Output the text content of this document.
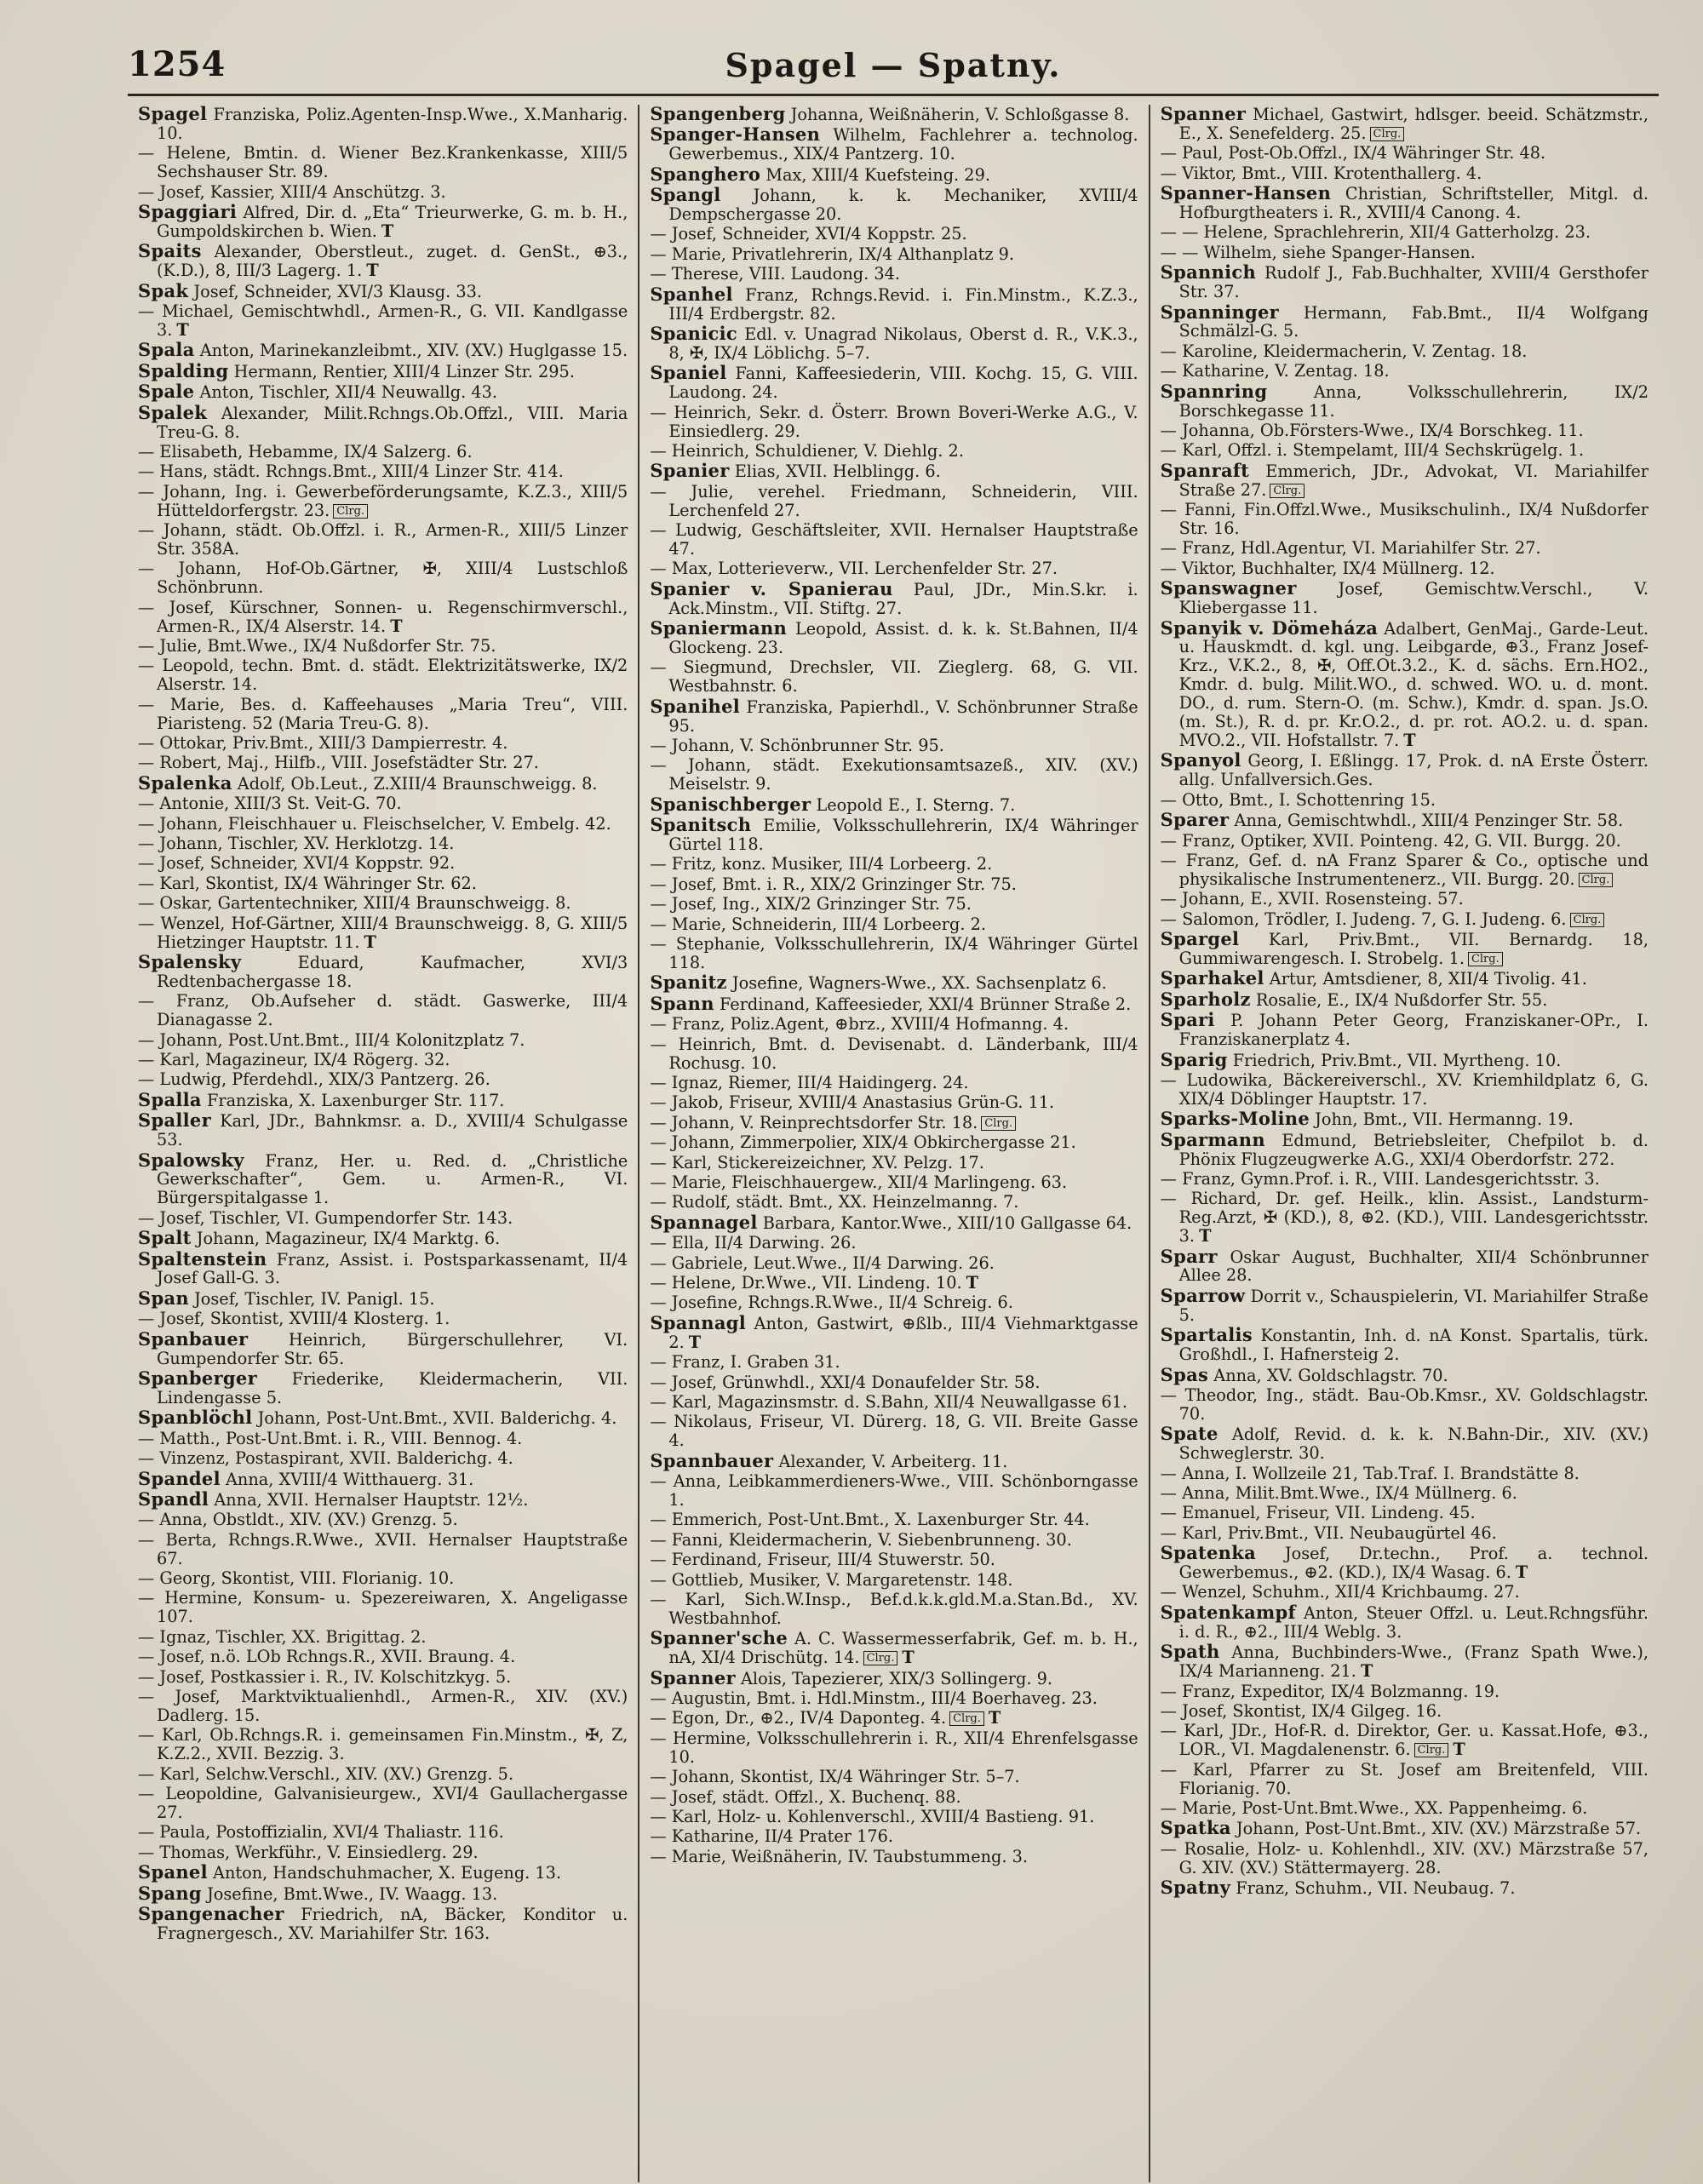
1254	Spagel — Spatny.

Spagel Franziska, Poliz.Agenten-Insp.Wwe., X.Manharig. 10.

— Helene, Bmtin. d. Wiener Bez.Krankenkasse, XIII/5 Sechshauser Str. 89.

— Josef, Kassier, XIII/4 Anschützg. 3.

Spaggiari Alfred, Dir. d. „Eta“ Trieurwerke, G. m. b. H., Gumpoldskirchen b. Wien. T

Spaits Alexander, Oberstleut., zuget. d. GenSt., ⊕3., (K.D.), 8, III/3 Lagerg. 1. T

Spak Josef, Schneider, XVI/3 Klausg. 33.

— Michael, Gemischtwhdl., Armen-R., G. VII. Kandlgasse 3. T

Spala Anton, Marinekanzleibmt., XIV. (XV.) Huglgasse 15.

Spalding Hermann, Rentier, XIII/4 Linzer Str. 295.

Spale Anton, Tischler, XII/4 Neuwallg. 43.

Spalek Alexander, Milit.Rchngs.Ob.Offzl., VIII. Maria Treu-G. 8.

— Elisabeth, Hebamme, IX/4 Salzerg. 6.

— Hans, städt. Rchngs.Bmt., XIII/4 Linzer Str. 414.

— Johann, Ing. i. Gewerbeförderungsamte, K.Z.3., XIII/5 Hütteldorfergstr. 23. Clrg.

— Johann, städt. Ob.Offzl. i. R., Armen-R., XIII/5 Linzer Str. 358A.

— Johann, Hof-Ob.Gärtner, ✠, XIII/4 Lustschloß Schönbrunn.

— Josef, Kürschner, Sonnen- u. Regenschirmverschl., Armen-R., IX/4 Alserstr. 14. T

— Julie, Bmt.Wwe., IX/4 Nußdorfer Str. 75.

— Leopold, techn. Bmt. d. städt. Elektrizitätswerke, IX/2 Alserstr. 14.

— Marie, Bes. d. Kaffeehauses „Maria Treu“, VIII. Piaristeng. 52 (Maria Treu-G. 8).

— Ottokar, Priv.Bmt., XIII/3 Dampierrestr. 4.

— Robert, Maj., Hilfb., VIII. Josefstädter Str. 27.

Spalenka Adolf, Ob.Leut., Z.XIII/4 Braunschweigg. 8.

— Antonie, XIII/3 St. Veit-G. 70.

— Johann, Fleischhauer u. Fleischselcher, V. Embelg. 42.

— Johann, Tischler, XV. Herklotzg. 14.

— Josef, Schneider, XVI/4 Koppstr. 92.

— Karl, Skontist, IX/4 Währinger Str. 62.

— Oskar, Gartentechniker, XIII/4 Braunschweigg. 8.

— Wenzel, Hof-Gärtner, XIII/4 Braunschweigg. 8, G. XIII/5 Hietzinger Hauptstr. 11. T

Spalensky	Eduard, Kaufmacher, XVI/3 Redtenbachergasse 18.

— Franz, Ob.Aufseher d. städt. Gaswerke, III/4 Dianagasse 2.

— Johann, Post.Unt.Bmt., III/4 Kolonitzplatz 7.

— Karl, Magazineur, IX/4 Rögerg. 32.

— Ludwig, Pferdehdl., XIX/3 Pantzerg. 26.

Spalla Franziska, X. Laxenburger Str. 117.

Spaller Karl, JDr., Bahnkmsr. a. D., XVIII/4 Schulgasse 53.

Spalowsky Franz, Her. u. Red. d. „Christliche Gewerkschafter“, Gem. u. Armen-R., VI. Bürgerspitalgasse 1.

— Josef, Tischler, VI. Gumpendorfer Str. 143.

Spalt Johann, Magazineur, IX/4 Marktg. 6.

Spaltenstein Franz, Assist. i. Postsparkassenamt, II/4 Josef Gall-G. 3.

Span Josef, Tischler, IV. Panigl. 15.

— Josef, Skontist, XVIII/4 Klosterg. 1.

Spanbauer Heinrich, Bürgerschullehrer, VI. Gumpendorfer Str. 65.

Spanberger Friederike, Kleidermacherin, VII. Lindengasse 5.

Spanblöchl Johann, Post-Unt.Bmt., XVII. Balderichg. 4.

— Matth., Post-Unt.Bmt. i. R., VIII. Bennog. 4.

— Vinzenz, Postaspirant, XVII. Balderichg. 4.

Spandel Anna, XVIII/4 Witthauerg. 31.

Spandl Anna, XVII. Hernalser Hauptstr. 12½.

— Anna, Obstldt., XIV. (XV.) Grenzg. 5.

— Berta, Rchngs.R.Wwe., XVII. Hernalser Hauptstraße 67.

— Georg, Skontist, VIII. Florianig. 10.

— Hermine, Konsum- u. Spezereiwaren, X. Angeligasse 107.

— Ignaz, Tischler, XX. Brigittag. 2.

— Josef, n.ö. LOb Rchngs.R., XVII. Braung. 4.

— Josef, Postkassier i. R., IV. Kolschitzkyg. 5.

— Josef, Marktviktualienhdl., Armen-R., XIV. (XV.) Dadlerg. 15.

— Karl, Ob.Rchngs.R. i. gemeinsamen Fin.Minstm., ✠, Z, K.Z.2., XVII. Bezzig. 3.

— Karl, Selchw.Verschl., XIV. (XV.) Grenzg. 5.

— Leopoldine, Galvanisieurgew., XVI/4 Gaullachergasse 27.

— Paula, Postoffizialin, XVI/4 Thaliastr. 116.

— Thomas, Werkführ., V. Einsiedlerg. 29.

Spanel Anton, Handschuhmacher, X. Eugeng. 13.

Spang Josefine, Bmt.Wwe., IV. Waagg. 13.

Spangenacher Friedrich, nA, Bäcker, Konditor u. Fragnergesch., XV. Mariahilfer Str. 163.

Spangenberg Johanna, Weißnäherin, V. Schloßgasse 8.

Spanger-Hansen Wilhelm, Fachlehrer a. technolog. Gewerbemus., XIX/4 Pantzerg. 10.

Spanghero Max, XIII/4 Kuefsteing. 29.

Spangl Johann, k. k. Mechaniker, XVIII/4 Dempschergasse 20.

— Josef, Schneider, XVI/4 Koppstr. 25.

— Marie, Privatlehrerin, IX/4 Althanplatz 9.

— Therese, VIII. Laudong. 34.

Spanhel Franz, Rchngs.Revid. i. Fin.Minstm., K.Z.3., III/4 Erdbergstr. 82.

Spanicic Edl. v. Unagrad Nikolaus, Oberst d. R., V.K.3., 8, ✠, IX/4 Löblichg. 5–7.

Spaniel Fanni, Kaffeesiederin, VIII. Kochg. 15, G. VIII. Laudong. 24.

— Heinrich, Sekr. d. Österr. Brown Boveri-Werke A.G., V. Einsiedlerg. 29.

— Heinrich, Schuldiener, V. Diehlg. 2.

Spanier Elias, XVII. Helblingg. 6.

— Julie, verehel. Friedmann, Schneiderin, VIII. Lerchenfeld 27.

— Ludwig, Geschäftsleiter, XVII. Hernalser Hauptstraße 47.

— Max, Lotterieverw., VII. Lerchenfelder Str. 27.

Spanier v. Spanierau Paul, JDr., Min.S.kr. i. Ack.Minstm., VII. Stiftg. 27.

Spaniermann Leopold, Assist. d. k. k. St.Bahnen, II/4 Glockeng. 23.

— Siegmund, Drechsler, VII. Zieglerg. 68, G. VII. Westbahnstr. 6.

Spanihel Franziska, Papierhdl., V. Schönbrunner Straße 95.

— Johann, V. Schönbrunner Str. 95.

— Johann, städt. Exekutionsamtsazeß., XIV. (XV.) Meiselstr. 9.

Spanischberger Leopold E., I. Sterng. 7.

Spanitsch Emilie, Volksschullehrerin, IX/4 Währinger Gürtel 118.

— Fritz, konz. Musiker, III/4 Lorbeerg. 2.

— Josef, Bmt. i. R., XIX/2 Grinzinger Str. 75.

— Josef, Ing., XIX/2 Grinzinger Str. 75.

— Marie, Schneiderin, III/4 Lorbeerg. 2.

— Stephanie, Volksschullehrerin, IX/4 Währinger Gürtel 118.

Spanitz Josefine, Wagners-Wwe., XX. Sachsenplatz 6.

Spann Ferdinand, Kaffeesieder, XXI/4 Brünner Straße 2.

— Franz, Poliz.Agent, ⊕brz., XVIII/4 Hofmanng. 4.

— Heinrich, Bmt. d. Devisenabt. d. Länderbank, III/4 Rochusg. 10.

— Ignaz, Riemer, III/4 Haidingerg. 24.

— Jakob, Friseur, XVIII/4 Anastasius Grün-G. 11.

— Johann, V. Reinprechtsdorfer Str. 18. Clrg.

— Johann, Zimmerpolier, XIX/4 Obkirchergasse 21.

— Karl, Stickereizeichner, XV. Pelzg. 17.

— Marie, Fleischhauergew., XII/4 Marlingeng. 63.

— Rudolf, städt. Bmt., XX. Heinzelmanng. 7.

Spannagel Barbara, Kantor.Wwe., XIII/10 Gallgasse 64.

— Ella, II/4 Darwing. 26.

— Gabriele, Leut.Wwe., II/4 Darwing. 26.

— Helene, Dr.Wwe., VII. Lindeng. 10. T

— Josefine, Rchngs.R.Wwe., II/4 Schreig. 6.

Spannagl Anton, Gastwirt, ⊕ßlb., III/4 Viehmarktgasse 2. T

— Franz, I. Graben 31.

— Josef, Grünwhdl., XXI/4 Donaufelder Str. 58.

— Karl, Magazinsmstr. d. S.Bahn, XII/4 Neuwallgasse 61.

— Nikolaus, Friseur, VI. Dürerg. 18, G. VII. Breite Gasse 4.

Spannbauer Alexander, V. Arbeiterg. 11.

— Anna, Leibkammerdieners-Wwe., VIII. Schönborngasse 1.

— Emmerich, Post-Unt.Bmt., X. Laxenburger Str. 44.

— Fanni, Kleidermacherin, V. Siebenbrunneng. 30.

— Ferdinand, Friseur, III/4 Stuwerstr. 50.

— Gottlieb, Musiker, V. Margaretenstr. 148.

— Karl, Sich.W.Insp., Bef.d.k.k.gld.M.a.Stan.Bd., XV. Westbahnhof.

Spanner'sche A. C. Wassermesserfabrik, Gef. m. b. H., nA, XI/4 Drischütg. 14. Clrg. T

Spanner Alois, Tapezierer, XIX/3 Sollingerg. 9.

— Augustin, Bmt. i. Hdl.Minstm., III/4 Boerhaveg. 23.

— Egon, Dr., ⊕2., IV/4 Daponteg. 4. Clrg. T

— Hermine, Volksschullehrerin i. R., XII/4 Ehrenfelsgasse 10.

— Johann, Skontist, IX/4 Währinger Str. 5–7.

— Josef, städt. Offzl., X. Buchenq. 88.

— Karl, Holz- u. Kohlenverschl., XVIII/4 Bastieng. 91.

— Katharine, II/4 Prater 176.

— Marie, Weißnäherin, IV. Taubstummeng. 3.

Spanner Michael, Gastwirt, hdlsger. beeid. Schätzmstr., E., X. Senefelderg. 25. Clrg.

— Paul, Post-Ob.Offzl., IX/4 Währinger Str. 48.

— Viktor, Bmt., VIII. Krotenthallerg. 4.

Spanner-Hansen Christian, Schriftsteller, Mitgl. d. Hofburgtheaters i. R., XVIII/4 Canong. 4.

— — Helene, Sprachlehrerin, XII/4 Gatterholzg. 23.

— — Wilhelm, siehe Spanger-Hansen.

Spannich Rudolf J., Fab.Buchhalter, XVIII/4 Gersthofer Str. 37.

Spanninger Hermann, Fab.Bmt., II/4 Wolfgang Schmälzl-G. 5.

— Karoline, Kleidermacherin, V. Zentag. 18.

— Katharine, V. Zentag. 18.

Spannring	Anna, Volksschullehrerin, IX/2 Borschkegasse 11.

— Johanna, Ob.Försters-Wwe., IX/4 Borschkeg. 11.

— Karl, Offzl. i. Stempelamt, III/4 Sechskrügelg. 1.

Spanraft Emmerich, JDr., Advokat, VI. Mariahilfer Straße 27. Clrg.

— Fanni, Fin.Offzl.Wwe., Musikschulinh., IX/4 Nußdorfer Str. 16.

— Franz, Hdl.Agentur, VI. Mariahilfer Str. 27.

— Viktor, Buchhalter, IX/4 Müllnerg. 12.

Spanswagner	Josef, Gemischtw.Verschl., V. Kliebergasse 11.

Spanyik v. Dömeháza Adalbert, GenMaj., Garde-Leut. u. Hauskmdt. d. kgl. ung. Leibgarde, ⊕3., Franz Josef-Krz., V.K.2., 8, ✠, Off.Ot.3.2., K. d. sächs. Ern.HO2., Kmdr. d. bulg. Milit.WO., d. schwed. WO. u. d. mont. DO., d. rum. Stern-O. (m. Schw.), Kmdr. d. span. Js.O. (m. St.), R. d. pr. Kr.O.2., d. pr. rot. AO.2. u. d. span. MVO.2., VII. Hofstallstr. 7. T

Spanyol Georg, I. Eßlingg. 17, Prok. d. nA Erste Österr. allg. Unfallversich.Ges.

— Otto, Bmt., I. Schottenring 15.

Sparer Anna, Gemischtwhdl., XIII/4 Penzinger Str. 58.

— Franz, Optiker, XVII. Pointeng. 42, G. VII. Burgg. 20.

— Franz, Gef. d. nA Franz Sparer & Co., optische und physikalische Instrumentenerz., VII. Burgg. 20. Clrg.

— Johann, E., XVII. Rosensteing. 57.

— Salomon, Trödler, I. Judeng. 7, G. I. Judeng. 6. Clrg.

Spargel Karl, Priv.Bmt., VII. Bernardg. 18, Gummiwarengesch. I. Strobelg. 1. Clrg.

Sparhakel Artur, Amtsdiener, 8, XII/4 Tivolig. 41.

Sparholz Rosalie, E., IX/4 Nußdorfer Str. 55.

Spari P. Johann Peter Georg, Franziskaner-OPr., I. Franziskanerplatz 4.

Sparig Friedrich, Priv.Bmt., VII. Myrtheng. 10.

— Ludowika, Bäckereiverschl., XV. Kriemhildplatz 6, G. XIX/4 Döblinger Hauptstr. 17.

Sparks-Moline John, Bmt., VII. Hermanng. 19.

Sparmann Edmund, Betriebsleiter, Chefpilot b. d. Phönix Flugzeugwerke A.G., XXI/4 Oberdorfstr. 272.

— Franz, Gymn.Prof. i. R., VIII. Landesgerichtsstr. 3.

— Richard, Dr. gef. Heilk., klin. Assist., Landsturm-Reg.Arzt, ✠ (KD.), 8, ⊕2. (KD.), VIII. Landesgerichtsstr. 3. T

Sparr Oskar August, Buchhalter, XII/4 Schönbrunner Allee 28.

Sparrow Dorrit v., Schauspielerin, VI. Mariahilfer Straße 5.

Spartalis Konstantin, Inh. d. nA Konst. Spartalis, türk. Großhdl., I. Hafnersteig 2.

Spas Anna, XV. Goldschlagstr. 70.

— Theodor, Ing., städt. Bau-Ob.Kmsr., XV. Goldschlagstr. 70.

Spate Adolf, Revid. d. k. k. N.Bahn-Dir., XIV. (XV.) Schweglerstr. 30.

— Anna, I. Wollzeile 21, Tab.Traf. I. Brandstätte 8.

— Anna, Milit.Bmt.Wwe., IX/4 Müllnerg. 6.

— Emanuel, Friseur, VII. Lindeng. 45.

— Karl, Priv.Bmt., VII. Neubaugürtel 46.

Spatenka Josef, Dr.techn., Prof. a. technol. Gewerbemus., ⊕2. (KD.), IX/4 Wasag. 6. T

— Wenzel, Schuhm., XII/4 Krichbaumg. 27.

Spatenkampf Anton, Steuer Offzl. u. Leut.Rchngsführ. i. d. R., ⊕2., III/4 Weblg. 3.

Spath Anna, Buchbinders-Wwe., (Franz Spath Wwe.), IX/4 Marianneng. 21. T

— Franz, Expeditor, IX/4 Bolzmanng. 19.

— Josef, Skontist, IX/4 Gilgeg. 16.

— Karl, JDr., Hof-R. d. Direktor, Ger. u. Kassat.Hofe, ⊕3., LOR., VI. Magdalenenstr. 6. Clrg. T

— Karl, Pfarrer zu St. Josef am Breitenfeld, VIII. Florianig. 70.

— Marie, Post-Unt.Bmt.Wwe., XX. Pappenheimg. 6.

Spatka Johann, Post-Unt.Bmt., XIV. (XV.) Märzstraße 57.

— Rosalie, Holz- u. Kohlenhdl., XIV. (XV.) Märzstraße 57, G. XIV. (XV.) Stättermayerg. 28.

Spatny Franz, Schuhm., VII. Neubaug. 7.
